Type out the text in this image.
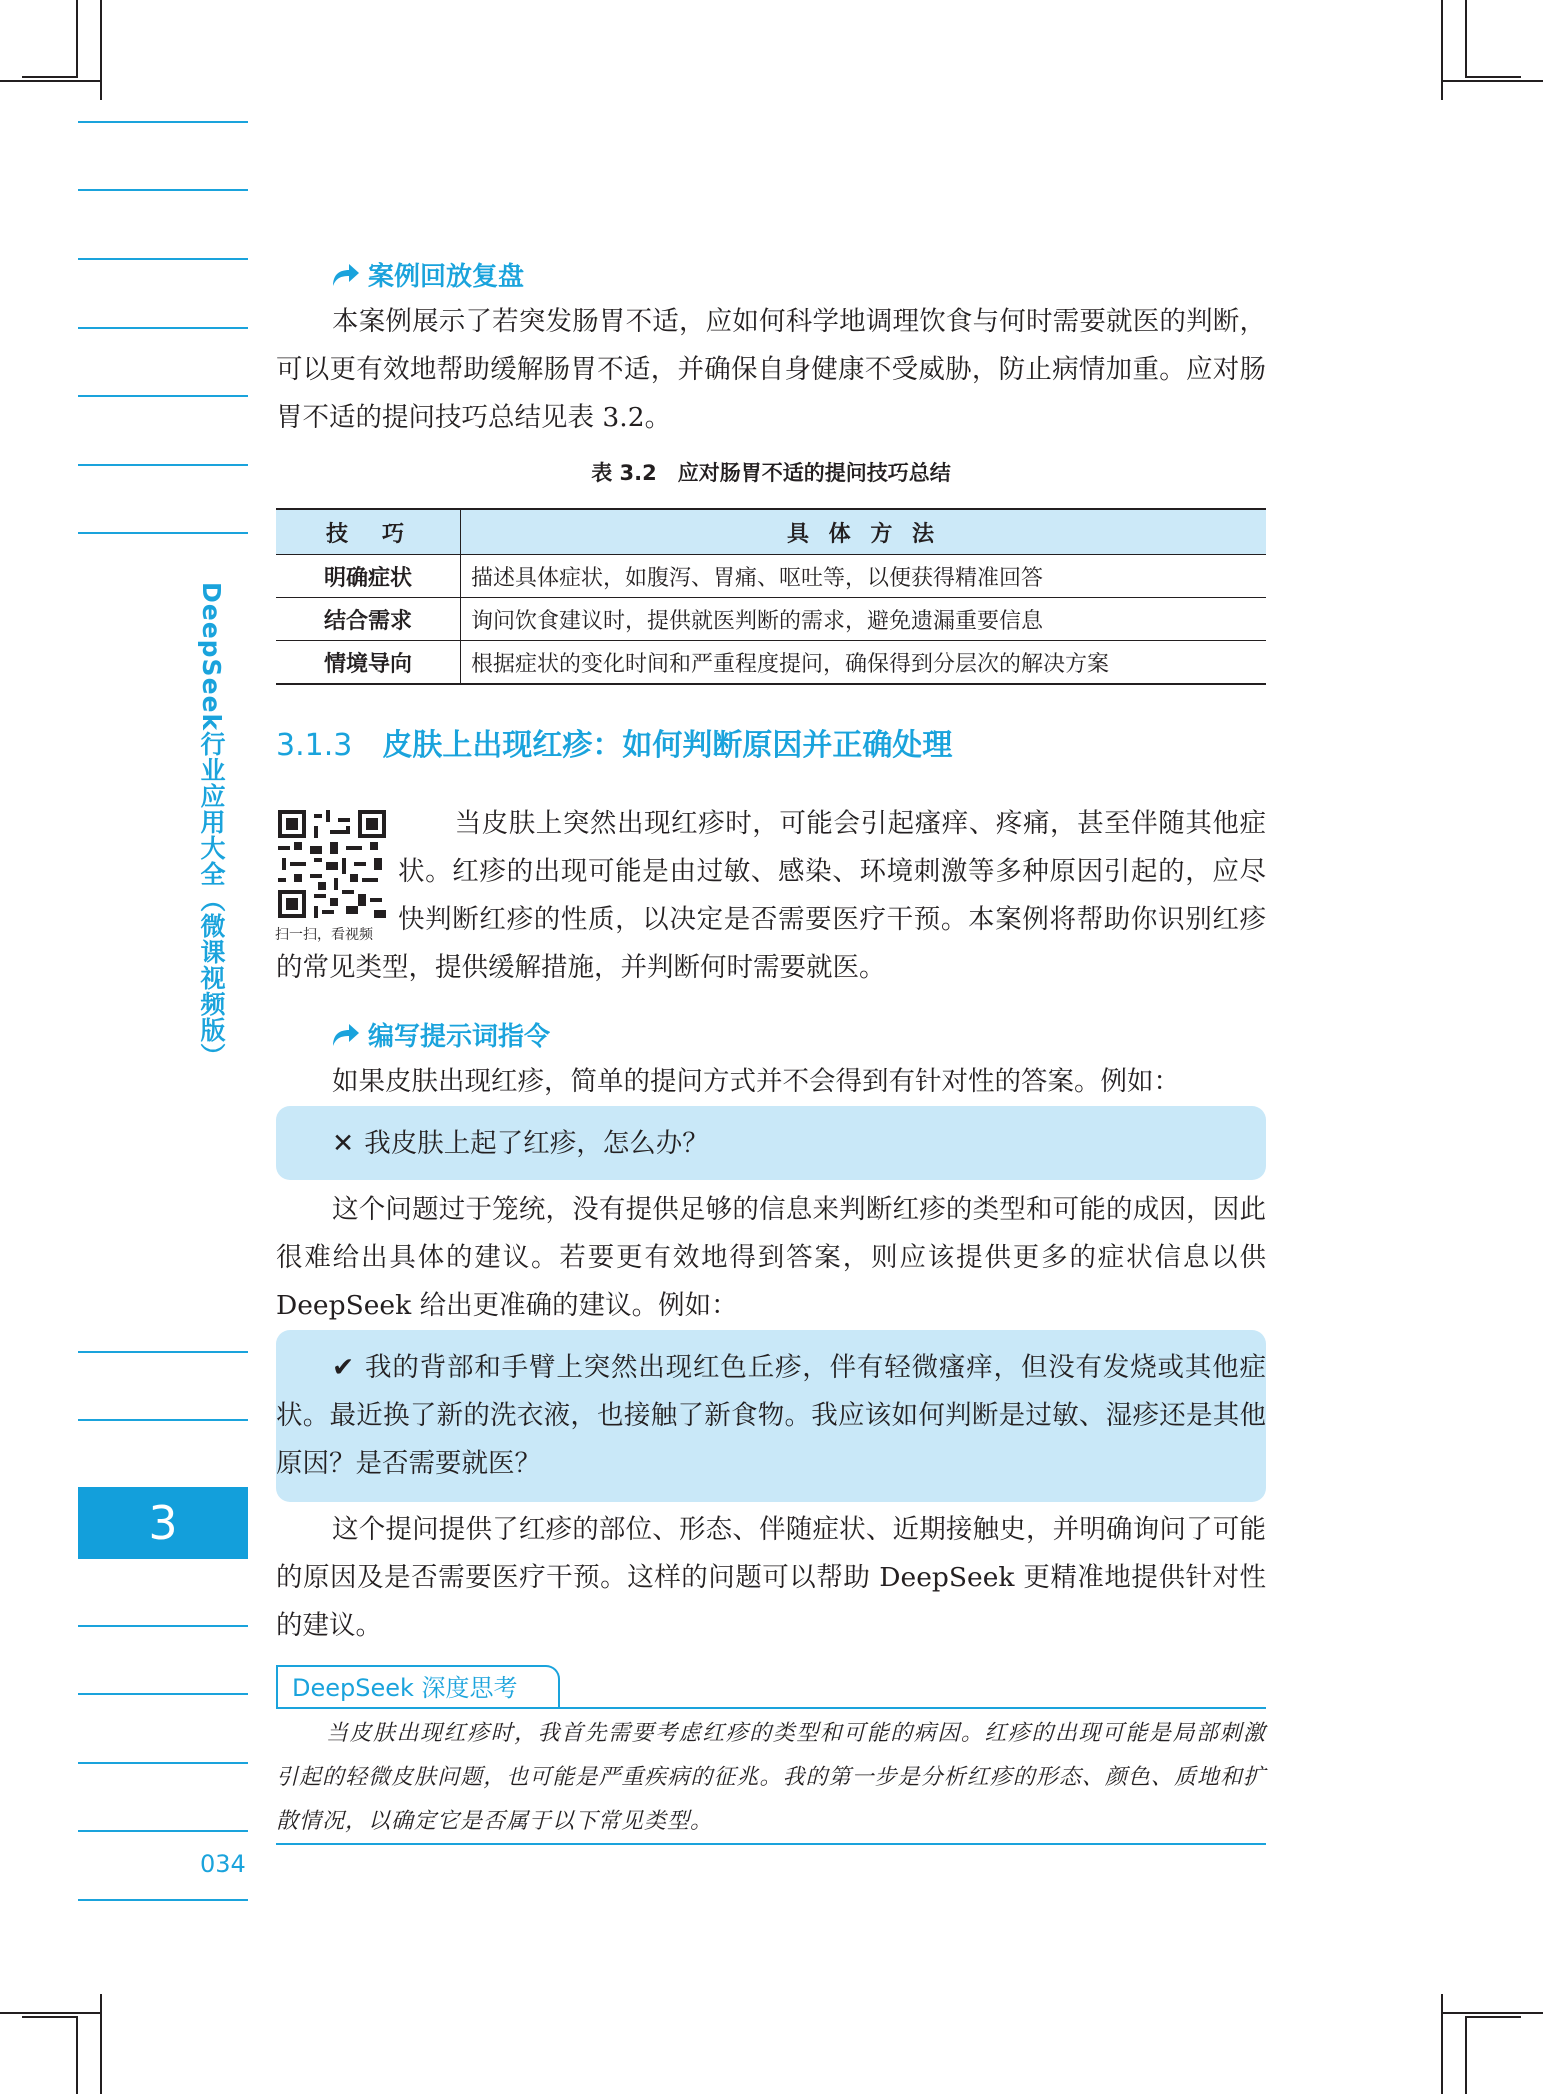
DeepSeek行业应用大全（微课视频版）
3
034
案例回放复盘

本案例展示了若突发肠胃不适，应如何科学地调理饮食与何时需要就医的判断，可以更有效地帮助缓解肠胃不适，并确保自身健康不受威胁，防止病情加重。应对肠胃不适的提问技巧总结见表 3.2。

表 3.2　应对肠胃不适的提问技巧总结
技　巧	具 体 方 法
明确症状	描述具体症状，如腹泻、胃痛、呕吐等，以便获得精准回答
结合需求	询问饮食建议时，提供就医判断的需求，避免遗漏重要信息
情境导向	根据症状的变化时间和严重程度提问，确保得到分层次的解决方案
3.1.3 皮肤上出现红疹：如何判断原因并正确处理
扫一扫，看视频

当皮肤上突然出现红疹时，可能会引起瘙痒、疼痛，甚至伴随其他症状。红疹的出现可能是由过敏、感染、环境刺激等多种原因引起的，应尽快判断红疹的性质，以决定是否需要医疗干预。本案例将帮助你识别红疹的常见类型，提供缓解措施，并判断何时需要就医。

编写提示词指令

如果皮肤出现红疹，简单的提问方式并不会得到有针对性的答案。例如：

✕ 我皮肤上起了红疹，怎么办？

这个问题过于笼统，没有提供足够的信息来判断红疹的类型和可能的成因，因此很难给出具体的建议。若要更有效地得到答案，则应该提供更多的症状信息以供 DeepSeek 给出更准确的建议。例如：

✔ 我的背部和手臂上突然出现红色丘疹，伴有轻微瘙痒，但没有发烧或其他症状。最近换了新的洗衣液，也接触了新食物。我应该如何判断是过敏、湿疹还是其他原因？是否需要就医？

这个提问提供了红疹的部位、形态、伴随症状、近期接触史，并明确询问了可能的原因及是否需要医疗干预。这样的问题可以帮助 DeepSeek 更精准地提供针对性的建议。

DeepSeek 深度思考

当皮肤出现红疹时，我首先需要考虑红疹的类型和可能的病因。红疹的出现可能是局部刺激引起的轻微皮肤问题，也可能是严重疾病的征兆。我的第一步是分析红疹的形态、颜色、质地和扩散情况，以确定它是否属于以下常见类型。
